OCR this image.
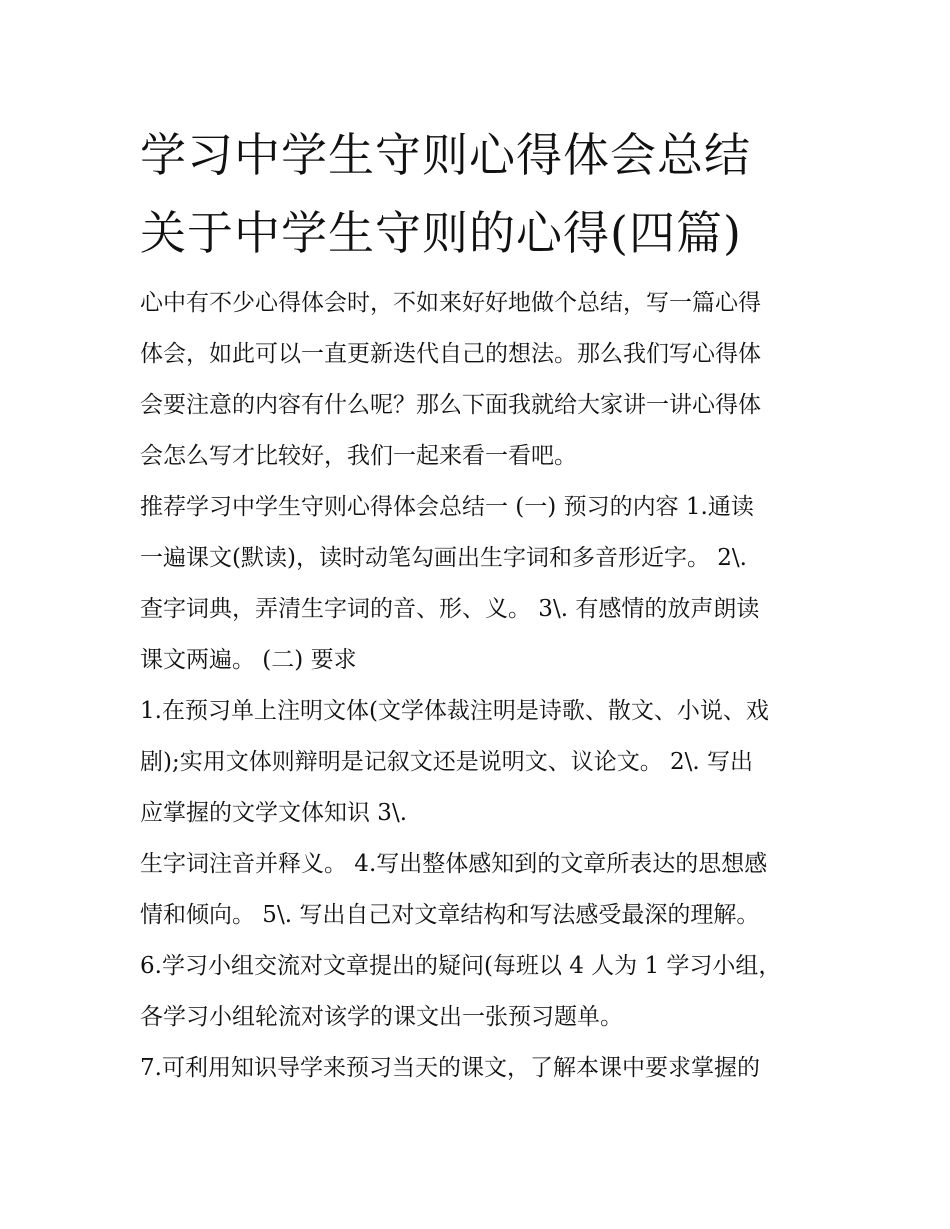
学习中学生守则心得体会总结
关于中学生守则的心得(四篇)

心中有不少心得体会时，不如来好好地做个总结，写一篇心得
体会，如此可以一直更新迭代自己的想法。那么我们写心得体
会要注意的内容有什么呢？那么下面我就给大家讲一讲心得体
会怎么写才比较好，我们一起来看一看吧。

推荐学习中学生守则心得体会总结一 (一) 预习的内容 1.通读
一遍课文(默读)，读时动笔勾画出生字词和多音形近字。 2\.
查字词典，弄清生字词的音、形、义。 3\. 有感情的放声朗读
课文两遍。 (二) 要求

1.在预习单上注明文体(文学体裁注明是诗歌、散文、小说、戏
剧);实用文体则辩明是记叙文还是说明文、议论文。 2\. 写出
应掌握的文学文体知识 3\.

生字词注音并释义。 4.写出整体感知到的文章所表达的思想感
情和倾向。 5\. 写出自己对文章结构和写法感受最深的理解。

6.学习小组交流对文章提出的疑问(每班以 4 人为 1 学习小组，
各学习小组轮流对该学的课文出一张预习题单。

7.可利用知识导学来预习当天的课文，了解本课中要求掌握的
